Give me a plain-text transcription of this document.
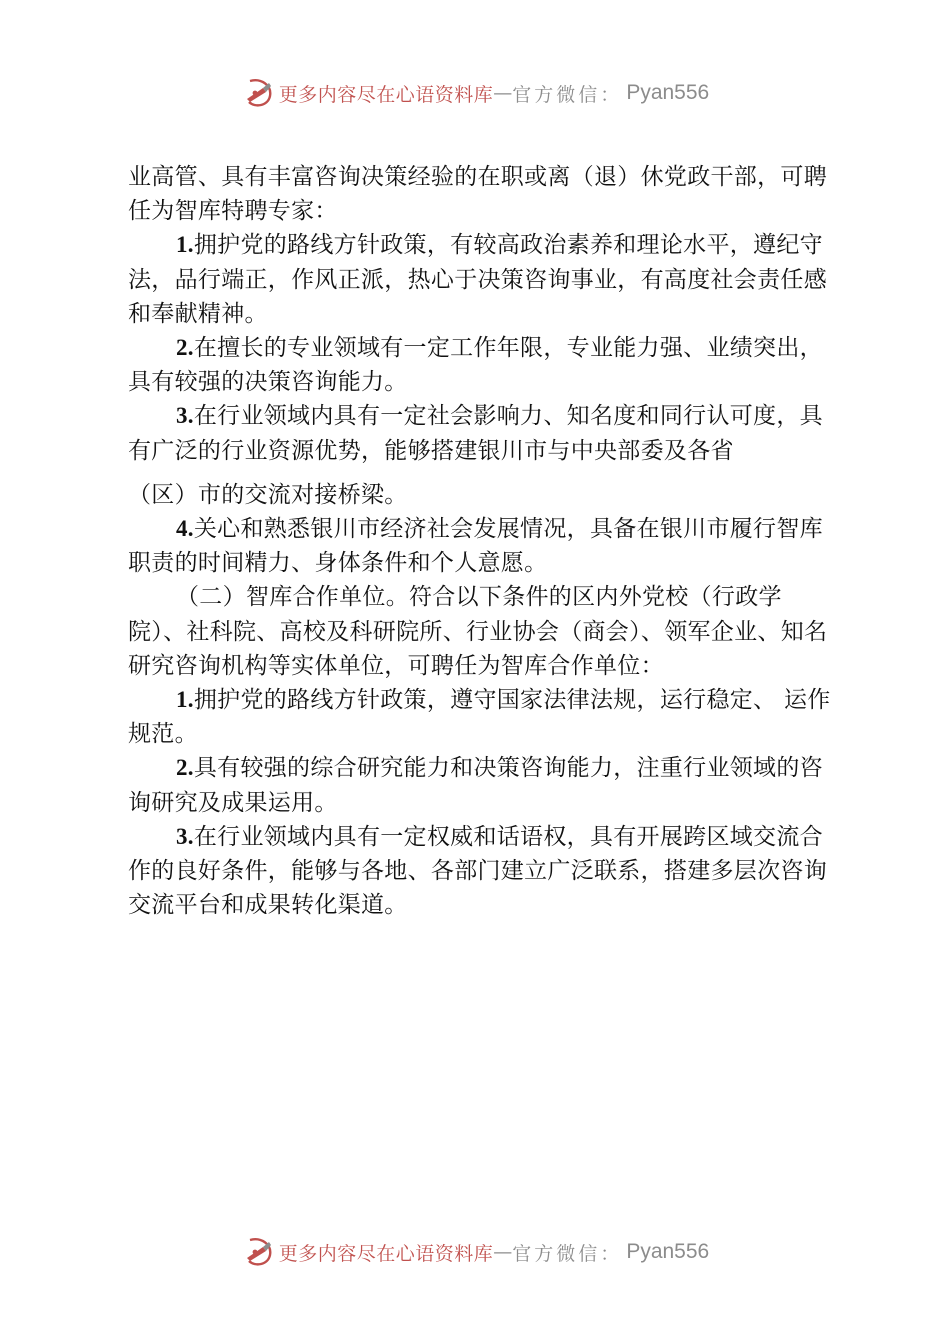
更多内容尽在心语资料库 — 官方微信： Pyan556

业高管、具有丰富咨询决策经验的在职或离（退）休党政干部，可聘任为智库特聘专家：

1.拥护党的路线方针政策，有较高政治素养和理论水平，遵纪守法，品行端正，作风正派，热心于决策咨询事业，有高度社会责任感和奉献精神。

2.在擅长的专业领域有一定工作年限，专业能力强、业绩突出，具有较强的决策咨询能力。

3.在行业领域内具有一定社会影响力、知名度和同行认可度，具有广泛的行业资源优势，能够搭建银川市与中央部委及各省

（区）市的交流对接桥梁。

4.关心和熟悉银川市经济社会发展情况，具备在银川市履行智库职责的时间精力、身体条件和个人意愿。

（二）智库合作单位。符合以下条件的区内外党校（行政学院）、社科院、高校及科研院所、行业协会（商会）、领军企业、知名研究咨询机构等实体单位，可聘任为智库合作单位：

1.拥护党的路线方针政策，遵守国家法律法规，运行稳定、 运作规范。

2.具有较强的综合研究能力和决策咨询能力，注重行业领域的咨询研究及成果运用。

3.在行业领域内具有一定权威和话语权，具有开展跨区域交流合作的良好条件，能够与各地、各部门建立广泛联系，搭建多层次咨询交流平台和成果转化渠道。

更多内容尽在心语资料库 — 官方微信： Pyan556
